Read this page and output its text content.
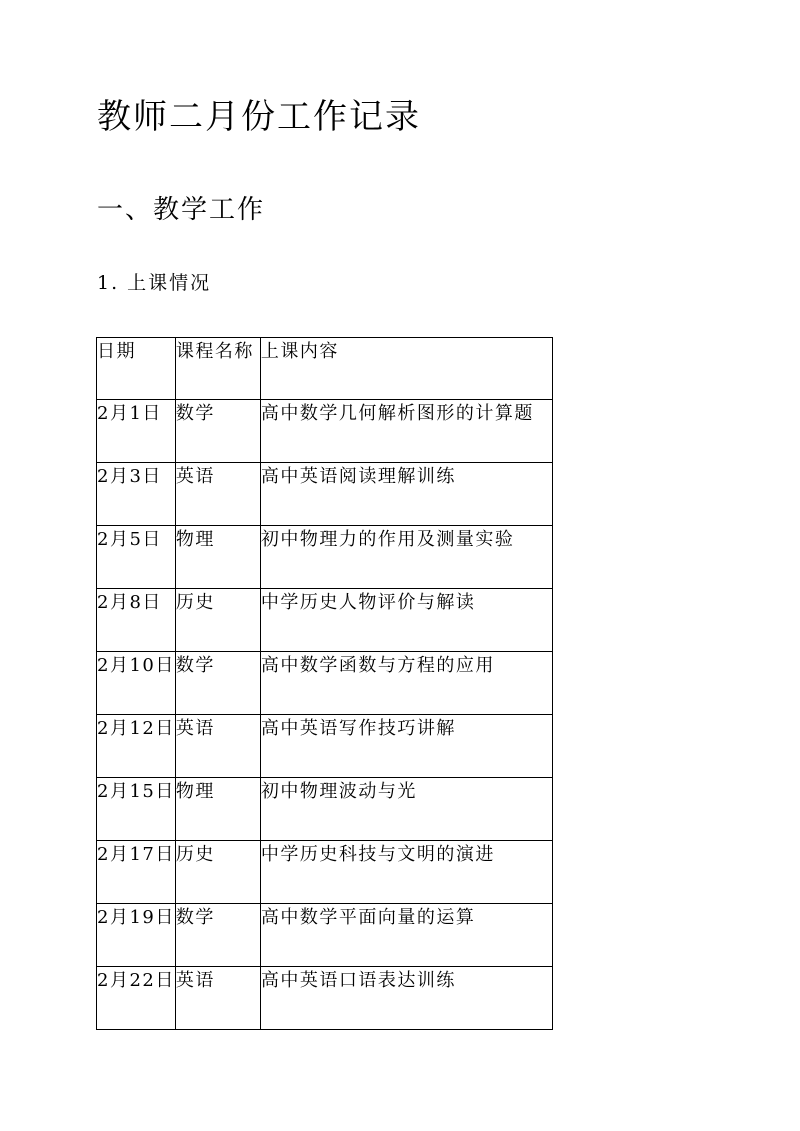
教师二月份工作记录
一、教学工作
1. 上课情况
日期	课程名称	上课内容

2月1日	数学	高中数学几何解析图形的计算题

2月3日	英语	高中英语阅读理解训练

2月5日	物理	初中物理力的作用及测量实验

2月8日	历史	中学历史人物评价与解读

2月10日	数学	高中数学函数与方程的应用

2月12日	英语	高中英语写作技巧讲解

2月15日	物理	初中物理波动与光

2月17日	历史	中学历史科技与文明的演进

2月19日	数学	高中数学平面向量的运算

2月22日	英语	高中英语口语表达训练
